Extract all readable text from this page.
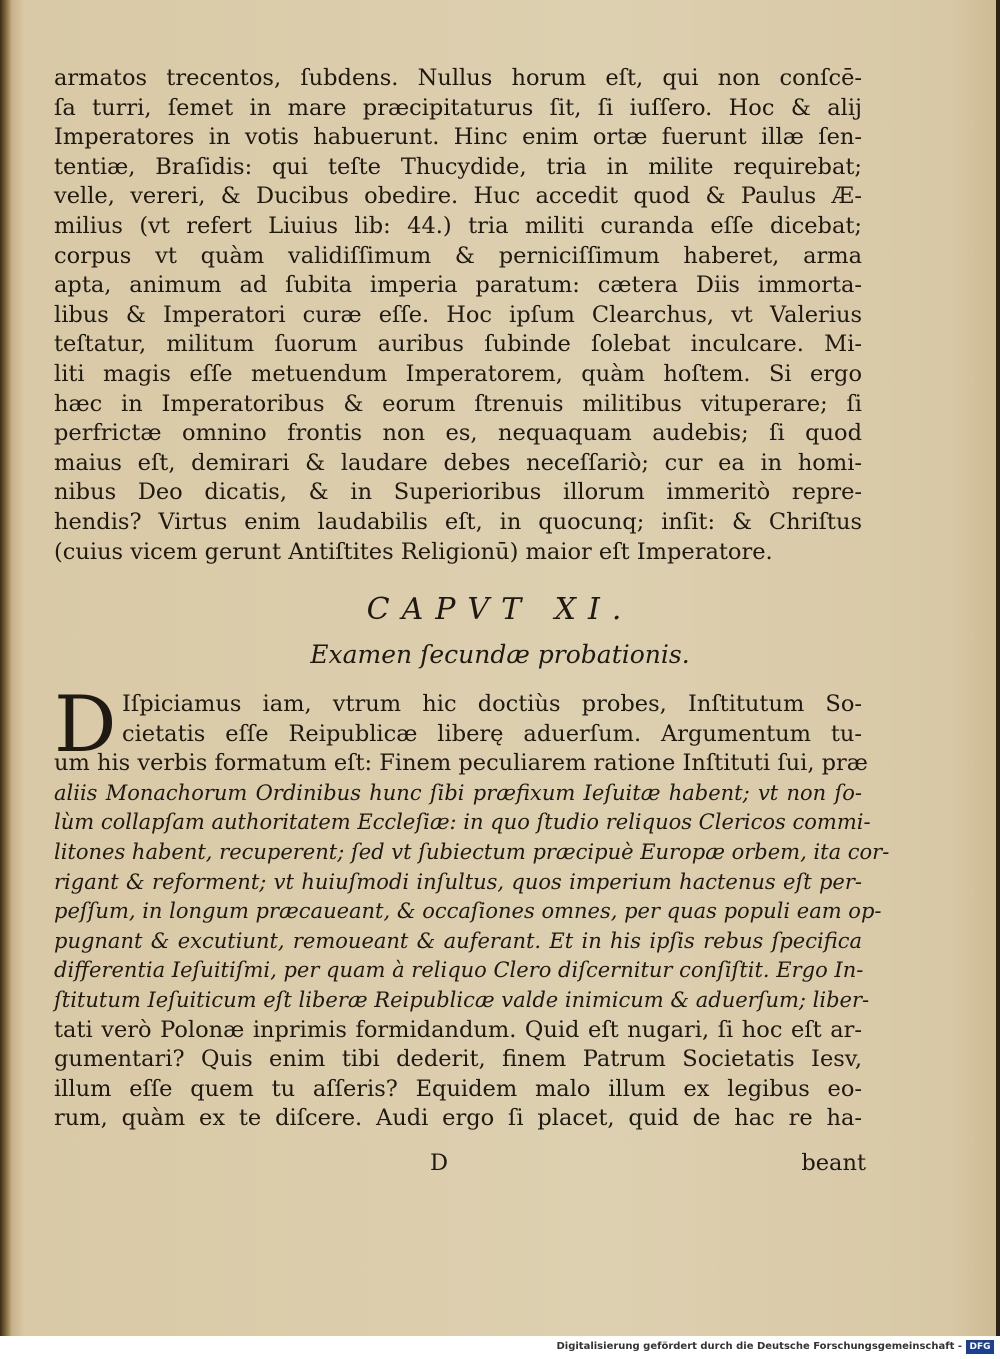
armatos trecentos, ſubdens. Nullus horum eſt, qui non conſcē-
ſa turri, ſemet in mare præcipitaturus ſit, ſi iuſſero. Hoc & alij
Imperatores in votis habuerunt. Hinc enim ortæ fuerunt illæ ſen-
tentiæ, Braſidis: qui teſte Thucydide, tria in milite requirebat;
velle, vereri, & Ducibus obedire. Huc accedit quod & Paulus Æ-
milius (vt refert Liuius lib: 44.) tria militi curanda eſſe dicebat;
corpus vt quàm validiſſimum & perniciſſimum haberet, arma
apta, animum ad ſubita imperia paratum: cætera Diis immorta-
libus & Imperatori curæ eſſe. Hoc ipſum Clearchus, vt Valerius
teſtatur, militum ſuorum auribus ſubinde ſolebat inculcare. Mi-
liti magis eſſe metuendum Imperatorem, quàm hoſtem. Si ergo
hæc in Imperatoribus & eorum ſtrenuis militibus vituperare; ſi
perfrictæ omnino frontis non es, nequaquam audebis; ſi quod
maius eſt, demirari & laudare debes neceſſariò; cur ea in homi-
nibus Deo dicatis, & in Superioribus illorum immeritò repre-
hendis? Virtus enim laudabilis eſt, in quocunq; inſit: & Chriſtus
(cuius vicem gerunt Antiſtites Religionū) maior eſt Imperatore.
CAPVT XI.
Examen ſecundæ probationis.
D Iſpiciamus iam, vtrum hic doctiùs probes, Inſtitutum So-
cietatis eſſe Reipublicæ liberę aduerſum. Argumentum tu-
um his verbis formatum eſt: Finem peculiarem ratione Inſtituti ſui, præ
aliis Monachorum Ordinibus hunc ſibi præfixum Ieſuitæ habent; vt non ſo-
lùm collapſam authoritatem Eccleſiæ: in quo ſtudio reliquos Clericos commi-
litones habent, recuperent; ſed vt ſubiectum præcipuè Europæ orbem, ita cor-
rigant & reforment; vt huiuſmodi inſultus, quos imperium hactenus eſt per-
peſſum, in longum præcaueant, & occaſiones omnes, per quas populi eam op-
pugnant & excutiunt, remoueant & auferant. Et in his ipſis rebus ſpecifica
differentia Ieſuitiſmi, per quam à reliquo Clero diſcernitur conſiſtit. Ergo In-
ſtitutum Ieſuiticum eſt liberæ Reipublicæ valde inimicum & aduerſum; liber-
tati verò Polonæ inprimis formidandum. Quid eſt nugari, ſi hoc eſt ar-
gumentari? Quis enim tibi dederit, finem Patrum Societatis Iesv,
illum eſſe quem tu aſſeris? Equidem malo illum ex legibus eo-
rum, quàm ex te diſcere. Audi ergo ſi placet, quid de hac re ha-
D	beant
Digitalisierung gefördert durch die Deutsche Forschungsgemeinschaft - DFG
